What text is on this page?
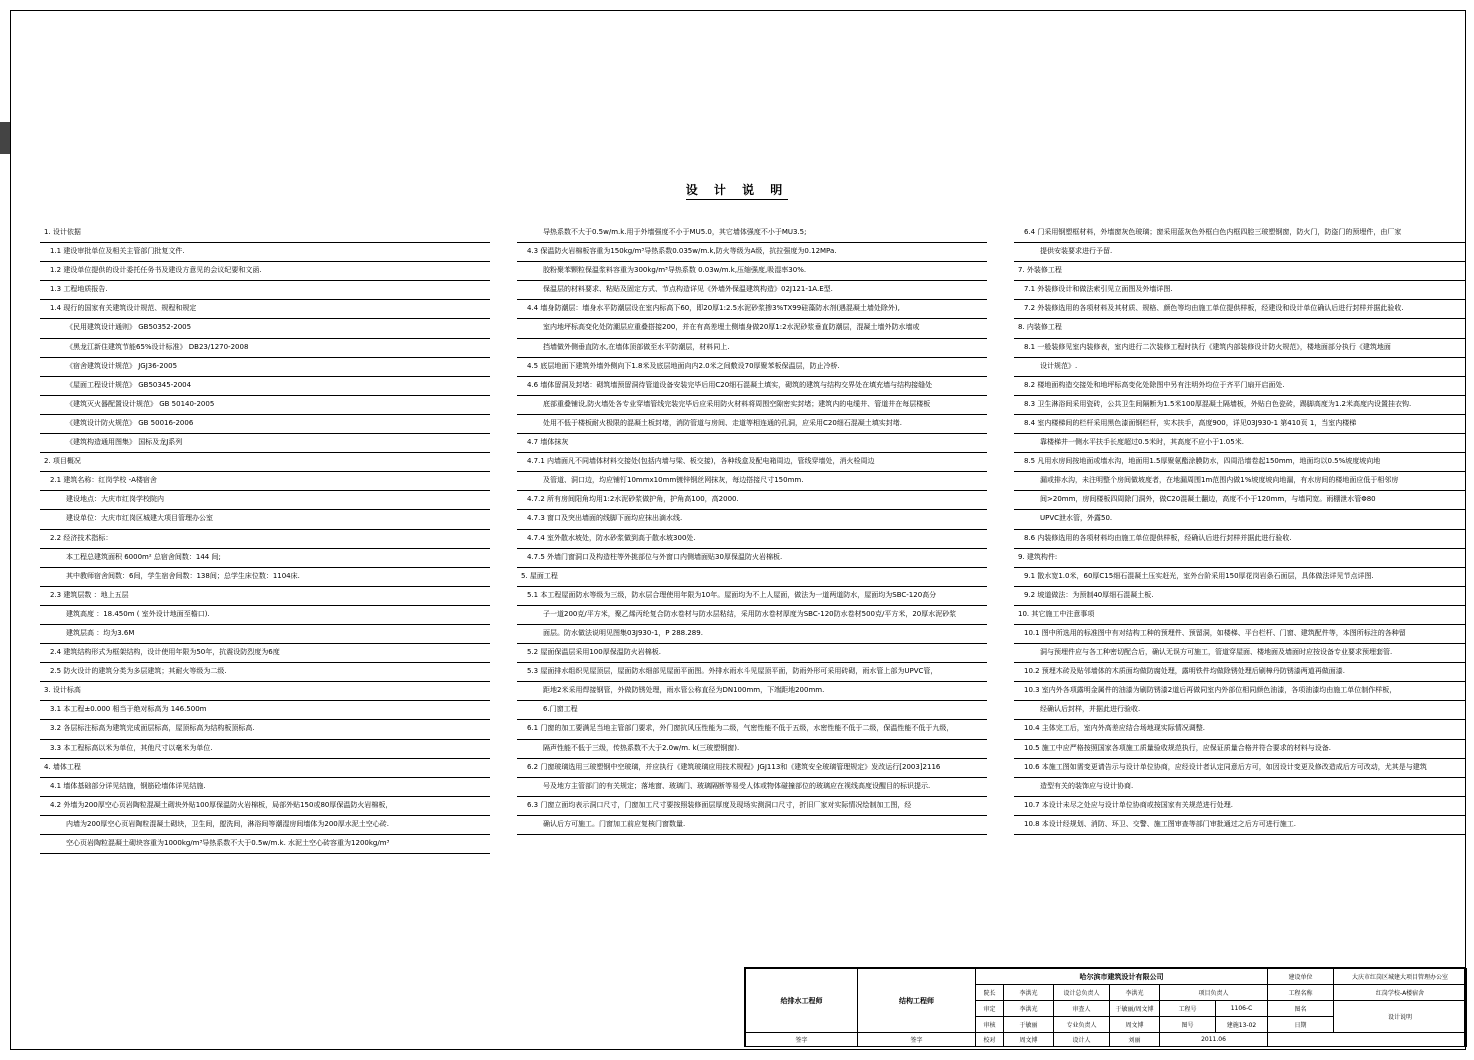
设 计 说 明
1. 设计依据
1.1 建设审批单位及相关主管部门批复文件.
1.2 建设单位提供的设计委托任务书及建设方意见的会议纪要和文函.
1.3 工程地质报告.
1.4 现行的国家有关建筑设计规范、规程和规定
《民用建筑设计通则》 GB50352-2005
《黑龙江新住建筑节能65%设计标准》 DB23/1270-2008
《宿舍建筑设计规范》 JGJ36-2005
《屋面工程设计规范》 GB50345-2004
《建筑灭火器配置设计规范》 GB 50140-2005
《建筑设计防火规范》 GB 50016-2006
《建筑构造通用图集》 国标及龙J系列
2. 项目概况
2.1 建筑名称：红岗学校 -A楼宿舍
建设地点：大庆市红岗学校院内
建设单位：大庆市红岗区城建大项目管理办公室
2.2 经济技术指标：
本工程总建筑面积 6000m² 总宿舍间数：144 间;
其中教师宿舍间数：6间，学生宿舍间数：138间；总学生床位数：1104床.
2.3 建筑层数 ：地上五层
建筑高度 ：18.450m ( 室外设计地面至檐口).
建筑层高 ：均为3.6M
2.4 建筑结构形式为框架结构，设计使用年限为50年，抗震设防烈度为6度
2.5 防火设计的建筑分类为多层建筑；其耐火等级为二级.
3. 设计标高
3.1 本工程±0.000 相当于绝对标高为 146.500m
3.2 各层标注标高为建筑完成面层标高，屋顶标高为结构板顶标高.
3.3 本工程标高以米为单位，其他尺寸以毫米为单位.
4. 墙体工程
4.1 墙体基础部分详见结施，钢筋砼墙体详见结施.
4.2 外墙为200厚空心页岩陶粒混凝土砌块外贴100厚保温防火岩棉板，局部外贴150或80厚保温防火岩棉板，
内墙为200厚空心页岩陶粒混凝土砌块，卫生间，盥洗间，淋浴间等潮湿房间墙体为200厚水泥土空心砖.
空心页岩陶粒混凝土砌块容重为1000kg/m³导热系数不大于0.5w/m.k. 水泥土空心砖容重为1200kg/m³
导热系数不大于0.5w/m.k.用于外墙强度不小于MU5.0，其它墙体强度不小于MU3.5;
4.3 保温防火岩棉板容重为150kg/m³导热系数0.035w/m.k,防火等级为A级，抗拉强度为0.12MPa.
胶粉聚苯颗粒保温浆料容重为300kg/m³导热系数 0.03w/m.k,压缩强度,吸湿率30%.
保温层的材料要求、粘贴及固定方式、节点构造详见《外墙外保温建筑构造》02J121-1A.E型.
4.4 墙身防潮层：墙身水平防潮层设在室内标高下60，即20厚1:2.5水泥砂浆掺3%TX99硅藻防水剂(遇混凝土墙处除外),
室内地坪标高变化处防潮层应重叠搭接200，并在有高差埋土侧墙身做20厚1:2水泥砂浆垂直防潮层，混凝土墙外防水墙或
挡墙做外侧垂直防水,在墙体顶部做至水平防潮层，材料同上.
4.5 底层地面下建筑外墙外侧向下1.8米及底层地面向内2.0米之间敷设70厚聚苯板保温层，防止冷桥.
4.6 墙体留洞及封堵：砌筑墙预留洞待管道设备安装完毕后用C20细石混凝土填实，砌筑的建筑与结构交界处在填充墙与结构接缝处
底部重叠铺设,防火墙处各专业穿墙管线完装完毕后应采用防火材料将周围空隙密实封堵；建筑内的电缆井、管道井在每层楼板
处用不低于楼板耐火极限的混凝土板封堵，消防管道与房间、走道等相连通的孔洞，应采用C20细石混凝土填实封堵.
4.7 墙体抹灰
4.7.1 内墙面凡不同墙体材料交接处(包括内墙与梁、板交接)，各种线盒及配电箱周边，管线穿墙处，消火栓周边
及管道、洞口边，均应铺钉10mmx10mm镀锌钢丝网抹灰，每边搭接尺寸150mm.
4.7.2 所有房间阳角均用1:2水泥砂浆做护角，护角高100，高2000.
4.7.3 窗口及突出墙面的线脚下面均应抹出滴水线.
4.7.4 室外散水坡处，防水砂浆做到高于散水坡300处.
4.7.5 外墙门窗洞口及构造柱等外挑部位与外窗口内侧墙面贴30厚保温防火岩棉板.
5. 屋面工程
5.1 本工程屋面防水等级为三级，防水层合理使用年限为10年。屋面均为不上人屋面，做法为一道两道防水，屋面均为SBC-120高分
子一道200克/平方米，聚乙烯丙纶复合防水卷材与防水层粘结，采用防水卷材厚度为SBC-120防水卷材500克/平方米，20厚水泥砂浆
面层。防水做法说明见图集03J930-1，P 288.289.
5.2 屋面保温层采用100厚保温防火岩棉板.
5.3 屋面排水组织见屋顶层，屋面防水细部见屋面平面图。外排水雨水斗见屋顶平面，防雨外形可采用砖砌，雨水管上部为UPVC管，
距地2米采用焊接钢管，外做防锈处理，雨水管公称直径为DN100mm，下端距地200mm.
6.门窗工程
6.1 门窗的加工要满足当地主管部门要求，外门窗抗风压性能为二级，气密性能不低于五级，水密性能不低于二级，保温性能不低于九级，
隔声性能不低于三级，传热系数不大于2.0w/m. k(三玻塑钢窗).
6.2 门窗玻璃选用三玻塑钢中空玻璃，并应执行《建筑玻璃应用技术规程》JGJ113和《建筑安全玻璃管理规定》发改运行[2003]2116
号及地方主管部门的有关规定；落地窗、玻璃门、玻璃隔断等易受人体或物体碰撞部位的玻璃应在视线高度设醒目的标识提示.
6.3 门窗立面均表示洞口尺寸，门窗加工尺寸要按照装修面层厚度及现场实测洞口尺寸，折旧厂家对实际情况绘制加工图，经
确认后方可施工。门窗加工前应复核门窗数量.
6.4 门采用钢塑框材料，外墙窗灰色玻璃；窗采用蓝灰色外框白色内框四腔三玻塑钢窗，防火门，防盗门的预埋件，由厂家
提供安装要求进行予留.
7. 外装修工程
7.1 外装修设计和做法索引见立面图及外墙详图.
7.2 外装修选用的各项材料及其材质、规格、颜色等均由施工单位提供样板，经建设和设计单位确认后进行封样并据此验收.
8. 内装修工程
8.1 一般装修见室内装修表，室内进行二次装修工程时执行《建筑内部装修设计防火规范》，楼地面部分执行《建筑地面
设计规范》.
8.2 楼地面构造交接处和地坪标高变化处除图中另有注明外均位于齐平门扇开启面处.
8.3 卫生淋浴间采用瓷砖，公共卫生间隔断为1.5米100厚混凝土隔墙板，外贴白色瓷砖，踢脚高度为1.2米高度内设置挂衣钩.
8.4 室内楼梯间的栏杆采用黑色漆面钢栏杆，实木扶手，高度900，详见03J930-1 第410页 1，当室内楼梯
靠楼梯井一侧水平扶手长度超过0.5米时，其高度不应小于1.05米.
8.5 凡用水房间按地面或墙水沟，地面用1.5厚聚氨酯涂膜防水，四周沿墙卷起150mm，地面均以0.5%坡度坡向地
漏或排水沟，未注明整个房间做坡度者，在地漏周围1m范围内做1%坡度坡向地漏，有水房间的楼地面应低于相邻房
间>20mm，房间楼板四周除门洞外，做C20混凝土翻边，高度不小于120mm，与墙同宽。雨棚泄水管Φ80
UPVC泄水管，外露50.
8.6 内装修选用的各项材料均由施工单位提供样板，经确认后进行封样并据此进行验收.
9. 建筑构件:
9.1 散水宽1.0米，60厚C15细石混凝土压实赶光，室外台阶采用150厚花岗岩条石面层，具体做法详见节点详图.
9.2 坡道做法：为预制40厚细石混凝土板.
10. 其它施工中注意事项
10.1 图中所选用的标准图中有对结构工种的预埋件、预留洞，如楼梯、平台栏杆、门窗、建筑配件等，本图所标注的各种留
洞与预埋件应与各工种密切配合后，确认无误方可施工，管道穿屋面、楼地面及墙面时应按设备专业要求预埋套管.
10.2 预埋木砖及贴邻墙体的木质面均做防腐处理，露明铁件均做除锈处理后刷樟丹防锈漆两道再做面漆.
10.3 室内外各项露明金属件的油漆为刷防锈漆2道后再做同室内外部位相同颜色油漆，各项油漆均由施工单位制作样板，
经确认后封样，并据此进行验收.
10.4 主体完工后，室内外高差应结合场地现实际情况调整.
10.5 施工中应严格按照国家各项施工质量验收规范执行，应保证质量合格并符合要求的材料与设备.
10.6 本施工图如需变更请告示与设计单位协商，应经设计者认定同意后方可，如因设计变更及修改造成后方可改动，尤其是与建筑
造型有关的装饰应与设计协商.
10.7 本设计未尽之处应与设计单位协商或按国家有关规范进行处理.
10.8 本设计经规划、消防、环卫、交警、施工图审查等部门审批通过之后方可进行施工.
给排水工程师	结构工程师	哈尔滨市建筑设计有限公司						建设单位	大庆市红岗区城建大项目管理办公室
		院长	李洪光	设计总负责人	李洪光	项目负责人		工程名称	红岗学校-A楼宿舍
		审定	李洪光	审查人	于敏丽/周文博	工程号	1106-C	图名	设计说明
		审核	于敏丽	专业负责人	周文博	图号	建施13-02	日期	
签字	签字	校对	周文博	设计人	刘丽	2011.06			
